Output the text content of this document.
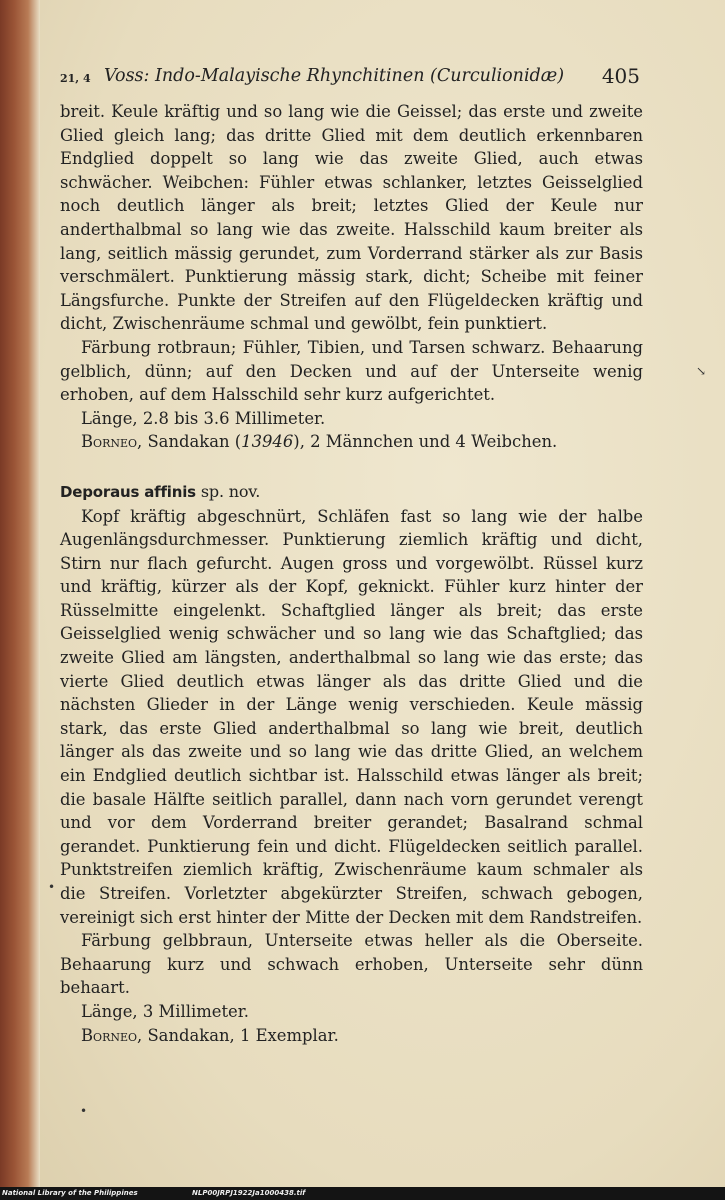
21, 4 Voss: Indo-Malayische Rhynchitinen (Curculionidæ) 405

breit. Keule kräftig und so lang wie die Geissel; das erste und zweite Glied gleich lang; das dritte Glied mit dem deutlich erkennbaren Endglied doppelt so lang wie das zweite Glied, auch etwas schwächer. Weibchen: Fühler etwas schlanker, letztes Geisselglied noch deutlich länger als breit; letztes Glied der Keule nur anderthalbmal so lang wie das zweite. Halsschild kaum breiter als lang, seitlich mässig gerundet, zum Vorderrand stärker als zur Basis verschmälert. Punktierung mässig stark, dicht; Scheibe mit feiner Längsfurche. Punkte der Streifen auf den Flügeldecken kräftig und dicht, Zwischenräume schmal und gewölbt, fein punktiert.

Färbung rotbraun; Fühler, Tibien, und Tarsen schwarz. Behaarung gelblich, dünn; auf den Decken und auf der Unterseite wenig erhoben, auf dem Halsschild sehr kurz aufgerichtet.

Länge, 2.8 bis 3.6 Millimeter.

Borneo, Sandakan (13946), 2 Männchen und 4 Weibchen.

Deporaus affinis sp. nov.

Kopf kräftig abgeschnürt, Schläfen fast so lang wie der halbe Augenlängsdurchmesser. Punktierung ziemlich kräftig und dicht, Stirn nur flach gefurcht. Augen gross und vorgewölbt. Rüssel kurz und kräftig, kürzer als der Kopf, geknickt. Fühler kurz hinter der Rüsselmitte eingelenkt. Schaftglied länger als breit; das erste Geisselglied wenig schwächer und so lang wie das Schaftglied; das zweite Glied am längsten, anderthalbmal so lang wie das erste; das vierte Glied deutlich etwas länger als das dritte Glied und die nächsten Glieder in der Länge wenig verschieden. Keule mässig stark, das erste Glied anderthalbmal so lang wie breit, deutlich länger als das zweite und so lang wie das dritte Glied, an welchem ein Endglied deutlich sichtbar ist. Halsschild etwas länger als breit; die basale Hälfte seitlich parallel, dann nach vorn gerundet verengt und vor dem Vorderrand breiter gerandet; Basalrand schmal gerandet. Punktierung fein und dicht. Flügeldecken seitlich parallel. Punktstreifen ziemlich kräftig, Zwischenräume kaum schmaler als die Streifen. Vorletzter abgekürzter Streifen, schwach gebogen, vereinigt sich erst hinter der Mitte der Decken mit dem Randstreifen.

Färbung gelbbraun, Unterseite etwas heller als die Oberseite. Behaarung kurz und schwach erhoben, Unterseite sehr dünn behaart.

Länge, 3 Millimeter.

Borneo, Sandakan, 1 Exemplar.

↘
•
•
National Library of the Philippines	NLP00JRPJ1922Ja1000438.tif
